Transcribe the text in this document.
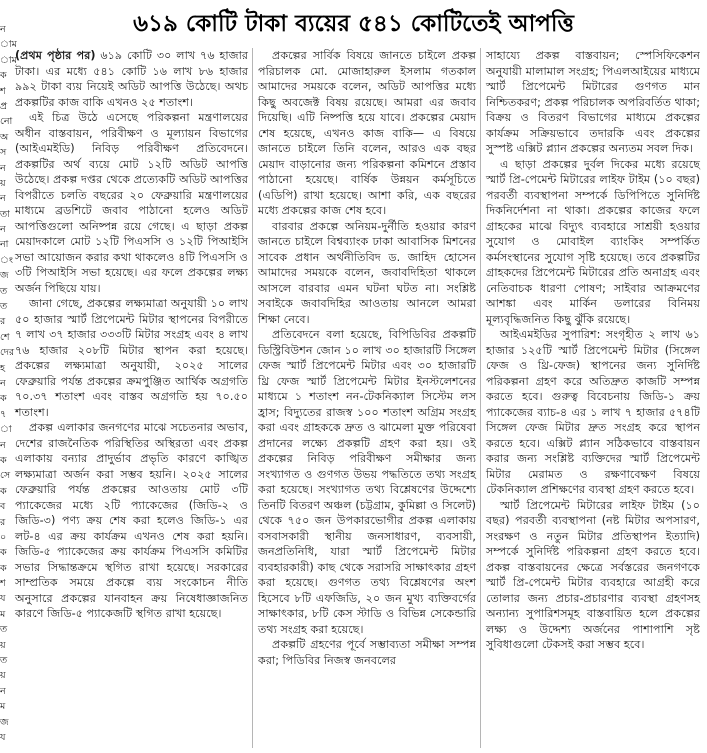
ন
াম
াম
ক
শ
প্র
নো
অ
স
ন
য়
ন
তা
ন
না
ং
জ
ত
ত
র
শে
দের
হ
ন
ক
৭
া
ন
ক
সে
ক
ব
র
০
ক
ক
শ
য
ম
ত
য়
ত
য়
ন
ম
জ
য
৬১৯ কোটি টাকা ব্যয়ের ৫৪১ কোটিতেই আপত্তি

(প্রথম পৃষ্ঠার পর) ৬১৯ কোটি ৩০ লাখ ৭৬ হাজার টাকা। এর মধ্যে ৫৪১ কোটি ১৬ লাখ ৮৬ হাজার ৯৯২ টাকা ব্যয় নিয়েই অডিট আপত্তি উঠেছে। অথচ প্রকল্পটির কাজ বাকি এখনও ২৫ শতাংশ।

এই চিত্র উঠে এসেছে পরিকল্পনা মন্ত্রণালয়ের অধীন বাস্তবায়ন, পরিবীক্ষণ ও মূল্যায়ন বিভাগের (আইএমইডি) নিবিড় পরিবীক্ষণ প্রতিবেদনে। প্রকল্পটির অর্থ ব্যয়ে মোট ১২টি অডিট আপত্তি উঠেছে। প্রকল্প দপ্তর থেকে প্রত্যেকটি অডিট আপত্তির বিপরীতে চলতি বছরের ২০ ফেব্রুয়ারি মন্ত্রণালয়ের মাধ্যমে ব্রডশিটে জবাব পাঠানো হলেও অডিট আপত্তিগুলো অনিষ্পন্ন রয়ে গেছে। এ ছাড়া প্রকল্প মেয়াদকালে মোট ১২টি পিএসসি ও ১২টি পিআইসি সভা আয়োজন করার কথা থাকলেও ৪টি পিএসসি ও ৩টি পিআইসি সভা হয়েছে। এর ফলে প্রকল্পের লক্ষ্য অর্জন পিছিয়ে যায়।

জানা গেছে, প্রকল্পের লক্ষ্যমাত্রা অনুযায়ী ১০ লাখ ৫০ হাজার স্মার্ট প্রিপেমেন্ট মিটার স্থাপনের বিপরীতে ৭ লাখ ৩৭ হাজার ৩৩৩টি মিটার সংগ্রহ এবং ৪ লাখ ৭৬ হাজার ২০৮টি মিটার স্থাপন করা হয়েছে। প্রকল্পের লক্ষ্যমাত্রা অনুযায়ী, ২০২৫ সালের ফেব্রুয়ারি পর্যন্ত প্রকল্পের ক্রমপুঞ্জিত আর্থিক অগ্রগতি ৭০.৩৭ শতাংশ এবং বাস্তব অগ্রগতি হয় ৭০.৫০ শতাংশ।

প্রকল্প এলাকার জনগণের মাঝে সচেতনার অভাব, দেশের রাজনৈতিক পরিস্থিতির অস্থিরতা এবং প্রকল্প এলাকায় বন্যার প্রাদুর্ভাব প্রভৃতি কারণে কাঙ্খিত লক্ষ্যমাত্রা অর্জন করা সম্ভব হয়নি। ২০২৫ সালের ফেব্রুয়ারি পর্যন্ত প্রকল্পের আওতায় মোট ৩টি প্যাকেজের মধ্যে ২টি প্যাকেজের (জিডি-২ ও জিডি-৩) পণ্য ক্রয় শেষ করা হলেও জিডি-১ এর লট-৪ এর ক্রয় কার্যক্রম এখনও শেষ করা হয়নি। জিডি-৫ প্যাকেজের ক্রয় কার্যক্রম পিএসসি কমিটির সভার সিদ্ধান্তক্রমে স্থগিত রাখা হয়েছে। সরকারের সাম্প্রতিক সময়ে প্রকল্পে ব্যয় সংকোচন নীতি অনুসারে প্রকল্পের যানবাহন ক্রয় নিষেধাজ্ঞাজনিত কারণে জিডি-৫ প্যাকেজটি স্থগিত রাখা হয়েছে।

প্রকল্পের সার্বিক বিষয়ে জানতে চাইলে প্রকল্প পরিচালক মো. মোজাহারুল ইসলাম গতকাল আমাদের সময়কে বলেন, অডিট আপত্তির মধ্যে কিছু অবজেক্ট বিষয় রয়েছে। আমরা এর জবাব দিয়েছি। এটি নিষ্পত্তি হয়ে যাবে। প্রকল্পের মেয়াদ শেষ হয়েছে, এখনও কাজ বাকি— এ বিষয়ে জানতে চাইলে তিনি বলেন, আরও এক বছর মেয়াদ বাড়ানোর জন্য পরিকল্পনা কমিশনে প্রস্তাব পাঠানো হয়েছে। বার্ষিক উন্নয়ন কর্মসূচিতে (এডিপি) রাখা হয়েছে। আশা করি, এক বছরের মধ্যে প্রকল্পের কাজ শেষ হবে।

বারবার প্রকল্পে অনিয়ম-দুর্নীতি হওয়ার কারণ জানতে চাইলে বিশ্বব্যাংক ঢাকা আবাসিক মিশনের সাবেক প্রধান অর্থনীতিবিদ ড. জাহিদ হোসেন আমাদের সময়কে বলেন, জবাবদিহিতা থাকলে আসলে বারবার এমন ঘটনা ঘটত না। সংশ্লিষ্ট সবাইকে জবাবদিহির আওতায় আনলে আমরা শিক্ষা নেবে।

প্রতিবেদনে বলা হয়েছে, বিপিডিবির প্রকল্পটি ডিস্ট্রিবিউশন জোন ১০ লাখ ৩০ হাজারটি সিঙ্গেল ফেজ স্মার্ট প্রিপেমেন্ট মিটার এবং ৩০ হাজারটি থ্রি ফেজ স্মার্ট প্রিপেমেন্ট মিটার ইনস্টলেশনের মাধ্যমে ১ শতাংশ নন-টেকনিক্যাল সিস্টেম লস হ্রাস; বিদ্যুতের রাজস্ব ১০০ শতাংশ অগ্রিম সংগ্রহ করা এবং গ্রাহককে দ্রুত ও ঝামেলা মুক্ত পরিষেবা প্রদানের লক্ষ্যে প্রকল্পটি গ্রহণ করা হয়। ওই প্রকল্পের নিবিড় পরিবীক্ষণ সমীক্ষার জন্য সংখ্যাগত ও গুণগত উভয় পদ্ধতিতে তথ্য সংগ্রহ করা হয়েছে। সংখ্যাগত তথ্য বিশ্লেষণের উদ্দেশ্যে তিনটি বিতরণ অঞ্চল (চট্টগ্রাম, কুমিল্লা ও সিলেট) থেকে ৭৫০ জন উপকারভোগীর প্রকল্প এলাকায় বসবাসকারী স্থানীয় জনসাধারণ, ব্যবসায়ী, জনপ্রতিনিধি, যারা স্মার্ট প্রিপেমেন্ট মিটার ব্যবহারকারী) কাছ থেকে সরাসরি সাক্ষাৎকার গ্রহণ করা হয়েছে। গুণগত তথ্য বিশ্লেষণের অংশ হিসেবে ৮টি এফজিডি, ২০ জন মুখ্য ব্যক্তিবর্গের সাক্ষাৎকার, ৮টি কেস স্টাডি ও বিভিন্ন সেকেন্ডারি তথ্য সংগ্রহ করা হয়েছে।

প্রকল্পটি গ্রহণের পূর্বে সম্ভাব্যতা সমীক্ষা সম্পন্ন করা; পিডিবির নিজস্ব জনবলের

সাহায্যে প্রকল্প বাস্তবায়ন; স্পেসিফিকেশন অনুযায়ী মালামাল সংগ্রহ; পিএলআইয়ের মাধ্যমে স্মার্ট প্রিপেমেন্ট মিটারের গুণগত মান নিশ্চিতকরণ; প্রকল্প পরিচালক অপরিবর্তিত থাকা; বিক্রয় ও বিতরণ বিভাগের মাধ্যমে প্রকল্পের কার্যক্রম সক্রিয়ভাবে তদারকি এবং প্রকল্পের সুস্পষ্ট এক্সিট প্ল্যান প্রকল্পের অন্যতম সবল দিক।

এ ছাড়া প্রকল্পের দুর্বল দিকের মধ্যে রয়েছে স্মার্ট প্রি-পেমেন্ট মিটারের লাইফ টাইম (১০ বছর) পরবর্তী ব্যবস্থাপনা সম্পর্কে ডিপিপিতে সুনির্দিষ্ট দিকনির্দেশনা না থাকা। প্রকল্পের কাজের ফলে গ্রাহকের মাঝে বিদ্যুৎ ব্যবহারে সাশ্রয়ী হওয়ার সুযোগ ও মোবাইল ব্যাংকিং সম্পর্কিত কর্মসংস্থানের সুযোগ সৃষ্টি হয়েছে। তবে প্রকল্পটির গ্রাহকদের প্রিপেমেন্ট মিটারের প্রতি অনাগ্রহ এবং নেতিবাচক ধারণা পোষণ; সাইবার আক্রমণের আশঙ্কা এবং মার্কিন ডলারের বিনিময় মূল্যবৃদ্ধিজনিত কিছু ঝুঁকি রয়েছে।

আইএমইডির সুপারিশ: সংগৃহীত ২ লাখ ৬১ হাজার ১২৫টি স্মার্ট প্রিপেমেন্ট মিটার (সিঙ্গেল ফেজ ও থ্রি-ফেজ) স্থাপনের জন্য সুনির্দিষ্ট পরিকল্পনা গ্রহণ করে অতিদ্রুত কাজটি সম্পন্ন করতে হবে। গুরুত্ব বিবেচনায় জিডি-১ ক্রয় প্যাকেজের ব্যাচ-৪ এর ১ লাখ ৭ হাজার ৫৭৪টি সিঙ্গেল ফেজ মিটার দ্রুত সংগ্রহ করে স্থাপন করতে হবে। এক্সিট প্ল্যান সঠিকভাবে বাস্তবায়ন করার জন্য সংশ্লিষ্ট ব্যক্তিদের স্মার্ট প্রিপেমেন্ট মিটার মেরামত ও রক্ষণাবেক্ষণ বিষয়ে টেকনিক্যাল প্রশিক্ষণের ব্যবস্থা গ্রহণ করতে হবে।

স্মার্ট প্রিপেমেন্ট মিটারের লাইফ টাইম (১০ বছর) পরবর্তী ব্যবস্থাপনা (নষ্ট মিটার অপসারণ, সংরক্ষণ ও নতুন মিটার প্রতিস্থাপন ইত্যাদি) সম্পর্কে সুনির্দিষ্ট পরিকল্পনা গ্রহণ করতে হবে। প্রকল্প বাস্তবায়নের ক্ষেত্রে সর্বস্তরের জনগণকে স্মার্ট প্রি-পেমেন্ট মিটার ব্যবহারে আগ্রহী করে তোলার জন্য প্রচার-প্রচারণার ব্যবস্থা গ্রহণসহ অন্যান্য সুপারিশসমূহ বাস্তবায়িত হলে প্রকল্পের লক্ষ্য ও উদ্দেশ্য অর্জনের পাশাপাশি সৃষ্ট সুবিধাগুলো টেকসই করা সম্ভব হবে।
